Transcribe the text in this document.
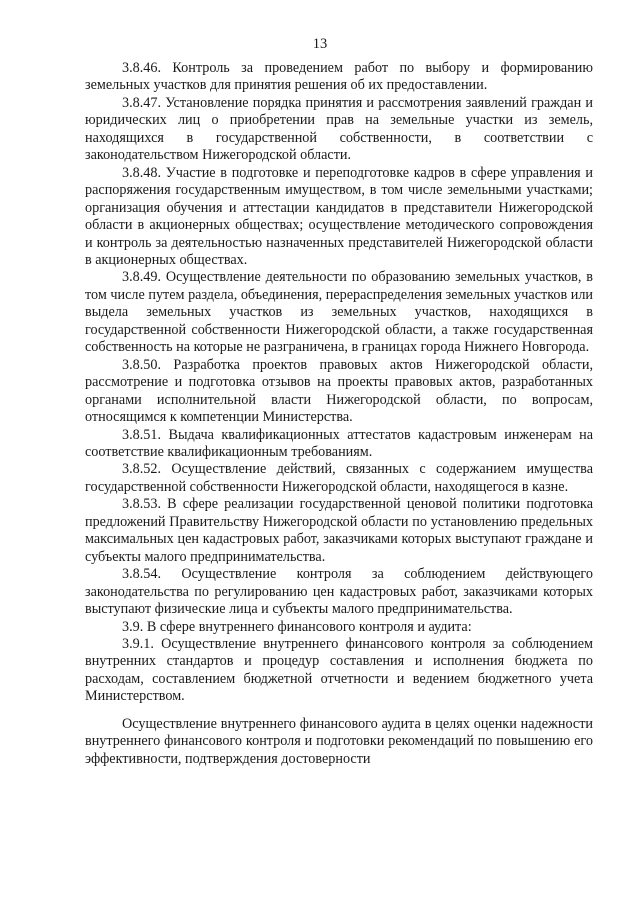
13

3.8.46. Контроль за проведением работ по выбору и формированию земельных участков для принятия решения об их предоставлении.

3.8.47. Установление порядка принятия и рассмотрения заявлений граждан и юридических лиц о приобретении прав на земельные участки из земель, находящихся в государственной собственности, в соответствии с законодательством Нижегородской области.

3.8.48. Участие в подготовке и переподготовке кадров в сфере управления и распоряжения государственным имуществом, в том числе земельными участками; организация обучения и аттестации кандидатов в представители Нижегородской области в акционерных обществах; осуществление методического сопровождения и контроль за деятельностью назначенных представителей Нижегородской области в акционерных обществах.

3.8.49. Осуществление деятельности по образованию земельных участков, в том числе путем раздела, объединения, перераспределения земельных участков или выдела земельных участков из земельных участков, находящихся в государственной собственности Нижегородской области, а также государственная собственность на которые не разграничена, в границах города Нижнего Новгорода.

3.8.50. Разработка проектов правовых актов Нижегородской области, рассмотрение и подготовка отзывов на проекты правовых актов, разработанных органами исполнительной власти Нижегородской области, по вопросам, относящимся к компетенции Министерства.

3.8.51. Выдача квалификационных аттестатов кадастровым инженерам на соответствие квалификационным требованиям.

3.8.52. Осуществление действий, связанных с содержанием имущества государственной собственности Нижегородской области, находящегося в казне.

3.8.53. В сфере реализации государственной ценовой политики подготовка предложений Правительству Нижегородской области по установлению предельных максимальных цен кадастровых работ, заказчиками которых выступают граждане и субъекты малого предпринимательства.

3.8.54. Осуществление контроля за соблюдением действующего законодательства по регулированию цен кадастровых работ, заказчиками которых выступают физические лица и субъекты малого предпринимательства.

3.9. В сфере внутреннего финансового контроля и аудита:

3.9.1. Осуществление внутреннего финансового контроля за соблюдением внутренних стандартов и процедур составления и исполнения бюджета по расходам, составлением бюджетной отчетности и ведением бюджетного учета Министерством.

Осуществление внутреннего финансового аудита в целях оценки надежности внутреннего финансового контроля и подготовки рекомендаций по повышению его эффективности, подтверждения достоверности
